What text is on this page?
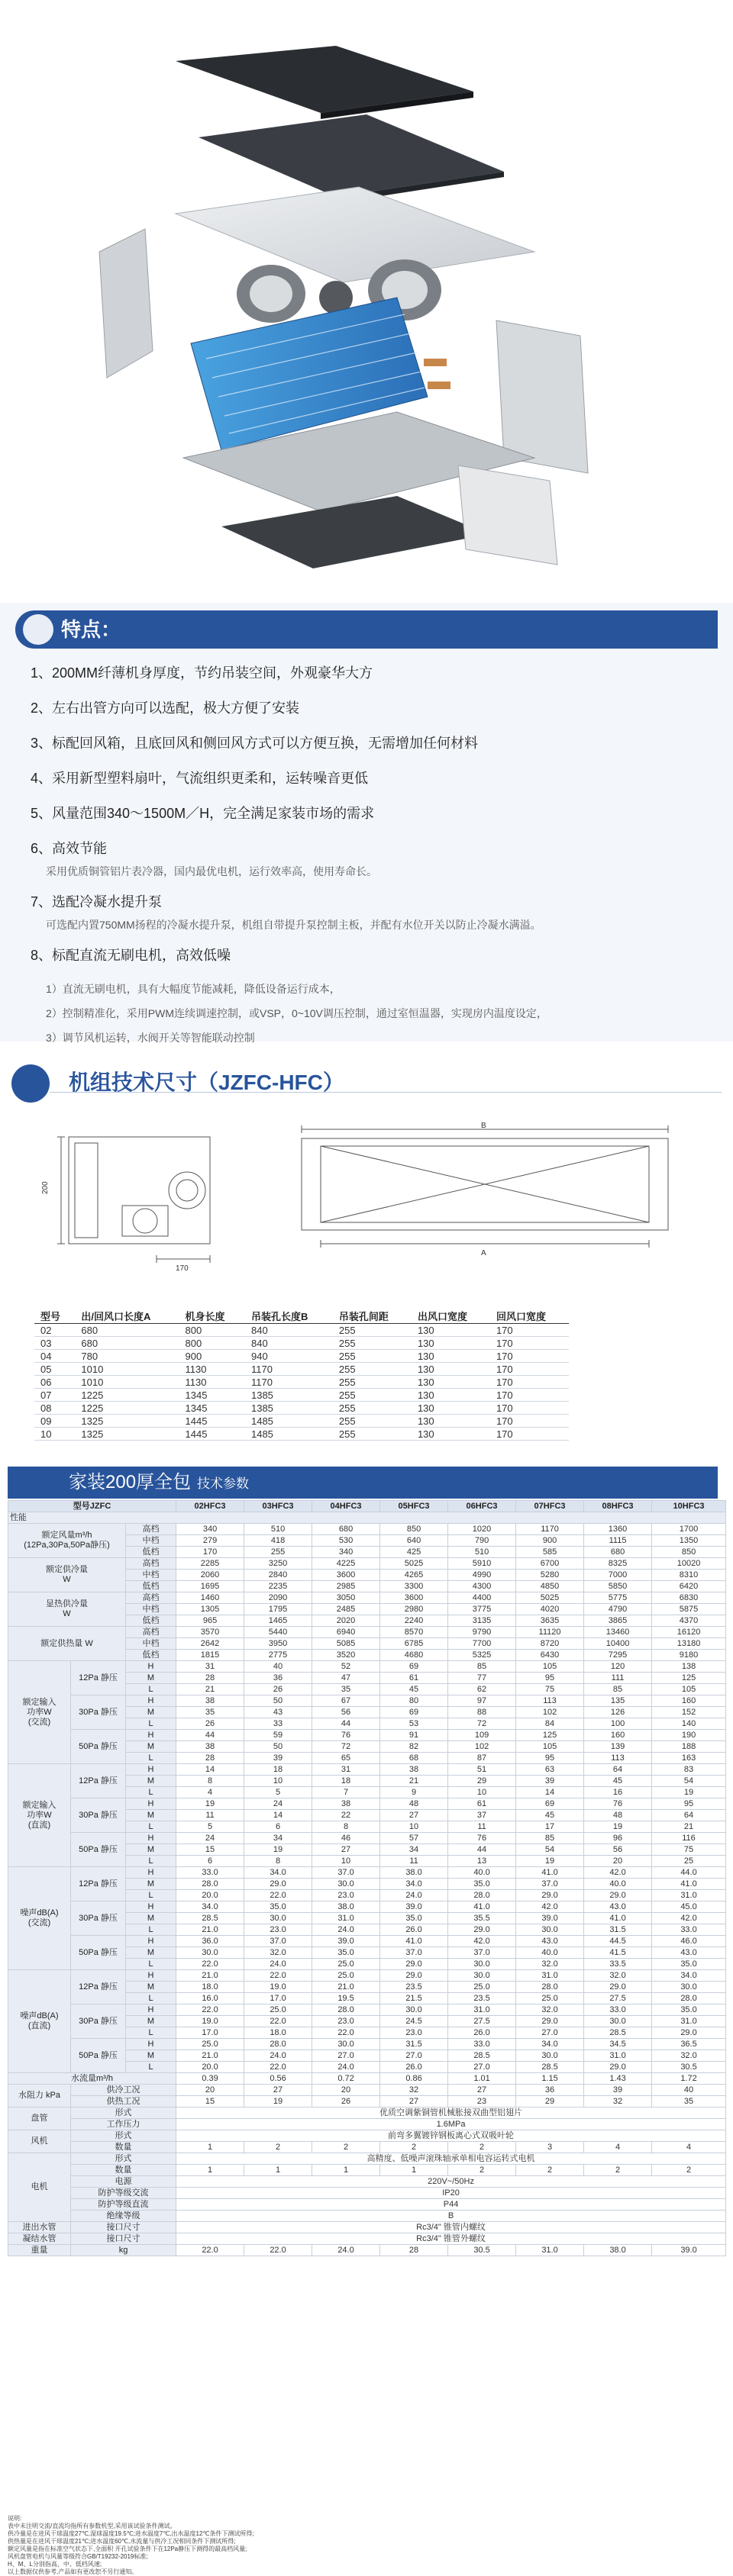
特点：
1、200MM纤薄机身厚度，节约吊装空间，外观豪华大方
2、左右出管方向可以选配，极大方便了安装
3、标配回风箱，且底回风和侧回风方式可以方便互换，无需增加任何材料
4、采用新型塑料扇叶，气流组织更柔和，运转噪音更低
5、风量范围340～1500M／H，完全满足家装市场的需求
6、高效节能
采用优质铜管铝片表冷器，国内最优电机，运行效率高，使用寿命长。
7、选配冷凝水提升泵
可选配内置750MM扬程的冷凝水提升泵，机组自带提升泵控制主板，并配有水位开关以防止冷凝水满溢。
8、标配直流无刷电机，高效低噪
1）直流无刷电机，具有大幅度节能减耗，降低设备运行成本，
2）控制精准化，采用PWM连续调速控制，或VSP，0~10V调压控制，通过室恒温器，实现房内温度设定，
3）调节风机运转，水阀开关等智能联动控制
机组技术尺寸（JZFC-HFC）
200
170
B
A
型号	出/回风口长度A	机身长度	吊装孔长度B	吊装孔间距	出风口宽度	回风口宽度
02	680	800	840	255	130	170
03	680	800	840	255	130	170
04	780	900	940	255	130	170
05	1010	1130	1170	255	130	170
06	1010	1130	1170	255	130	170
07	1225	1345	1385	255	130	170
08	1225	1345	1385	255	130	170
09	1325	1445	1485	255	130	170
10	1325	1445	1485	255	130	170
家装200厚全包 技术参数
型号JZFC			02HFC3	03HFC3	04HFC3	05HFC3	06HFC3	07HFC3	08HFC3	10HFC3
性能										
额定风量m³/h
(12Pa,30Pa,50Pa静压)		高档	340	510	680	850	1020	1170	1360	1700
		中档	279	418	530	640	790	900	1115	1350
		低档	170	255	340	425	510	585	680	850
额定供冷量
W		高档	2285	3250	4225	5025	5910	6700	8325	10020
		中档	2060	2840	3600	4265	4990	5280	7000	8310
		低档	1695	2235	2985	3300	4300	4850	5850	6420
显热供冷量
W		高档	1460	2090	3050	3600	4400	5025	5775	6830
		中档	1305	1795	2485	2980	3775	4020	4790	5875
		低档	965	1465	2020	2240	3135	3635	3865	4370
额定供热量 W		高档	3570	5440	6940	8570	9790	11120	13460	16120
		中档	2642	3950	5085	6785	7700	8720	10400	13180
		低档	1815	2775	3520	4680	5325	6430	7295	9180
额定输入
功率W
(交流)	12Pa 静压	H	31	40	52	69	85	105	120	138
		M	28	36	47	61	77	95	111	125
		L	21	26	35	45	62	75	85	105
	30Pa 静压	H	38	50	67	80	97	113	135	160
		M	35	43	56	69	88	102	126	152
		L	26	33	44	53	72	84	100	140
	50Pa 静压	H	44	59	76	91	109	125	160	190
		M	38	50	72	82	102	105	139	188
		L	28	39	65	68	87	95	113	163
额定输入
功率W
(直流)	12Pa 静压	H	14	18	31	38	51	63	64	83
		M	8	10	18	21	29	39	45	54
		L	4	5	7	9	10	14	16	19
	30Pa 静压	H	19	24	38	48	61	69	76	95
		M	11	14	22	27	37	45	48	64
		L	5	6	8	10	11	17	19	21
	50Pa 静压	H	24	34	46	57	76	85	96	116
		M	15	19	27	34	44	54	56	75
		L	6	8	10	11	13	19	20	25
噪声dB(A)
(交流)	12Pa 静压	H	33.0	34.0	37.0	38.0	40.0	41.0	42.0	44.0
		M	28.0	29.0	30.0	34.0	35.0	37.0	40.0	41.0
		L	20.0	22.0	23.0	24.0	28.0	29.0	29.0	31.0
	30Pa 静压	H	34.0	35.0	38.0	39.0	41.0	42.0	43.0	45.0
		M	28.5	30.0	31.0	35.0	35.5	39.0	41.0	42.0
		L	21.0	23.0	24.0	26.0	29.0	30.0	31.5	33.0
	50Pa 静压	H	36.0	37.0	39.0	41.0	42.0	43.0	44.5	46.0
		M	30.0	32.0	35.0	37.0	37.0	40.0	41.5	43.0
		L	22.0	24.0	25.0	29.0	30.0	32.0	33.5	35.0
噪声dB(A)
(直流)	12Pa 静压	H	21.0	22.0	25.0	29.0	30.0	31.0	32.0	34.0
		M	18.0	19.0	21.0	23.5	25.0	28.0	29.0	30.0
		L	16.0	17.0	19.5	21.5	23.5	25.0	27.5	28.0
	30Pa 静压	H	22.0	25.0	28.0	30.0	31.0	32.0	33.0	35.0
		M	19.0	22.0	23.0	24.5	27.5	29.0	30.0	31.0
		L	17.0	18.0	22.0	23.0	26.0	27.0	28.5	29.0
	50Pa 静压	H	25.0	28.0	30.0	31.5	33.0	34.0	34.5	36.5
		M	21.0	24.0	27.0	27.0	28.5	30.0	31.0	32.0
		L	20.0	22.0	24.0	26.0	27.0	28.5	29.0	30.5
水流量m³/h			0.39	0.56	0.72	0.86	1.01	1.15	1.43	1.72
水阻力 kPa	供冷工况		20	27	20	32	27	36	39	40
	供热工况		15	19	26	27	23	29	32	35
盘管	形式		优质空调紫铜管机械胀接双曲型铝翅片							
	工作压力		1.6MPa							
风机	形式		前弯多翼镀锌钢板离心式双吸叶轮							
	数量		1	2	2	2	2	3	4	4
电机	形式		高精度、低噪声滚珠轴承单相电容运转式电机							
	数量		1	1	1	1	2	2	2	2
	电源		220V~/50Hz							
	防护等级交流		IP20							
	防护等级直流		P44							
	绝缘等级		B							
进出水管	接口尺寸		Rc3/4" 锥管内螺纹							
凝结水管	接口尺寸		Rc3/4" 锥管外螺纹							
重量	kg		22.0	22.0	24.0	28	30.5	31.0	38.0	39.0
说明:
表中未注明交流/直流均指所有参数机型,采用该试验条件测试。
供冷量是在进风干球温度27℃,湿球温度19.5℃;进水温度7℃,出水温度12℃条件下测试所得;
供热量是在进风干球温度21℃;进水温度60℃,水流量与供冷工况相同条件下测试所得;
额定风量是指在标准空气状态下,全面积 开孔试验条件下在12Pa静压下测得的最高档风量;
风机盘管电机与风量等级符合GB/T19232-2019标准;
H、M、L分别指高、中、低档风速;
以上数据仅供参考,产品如有更改恕不另行通知。
